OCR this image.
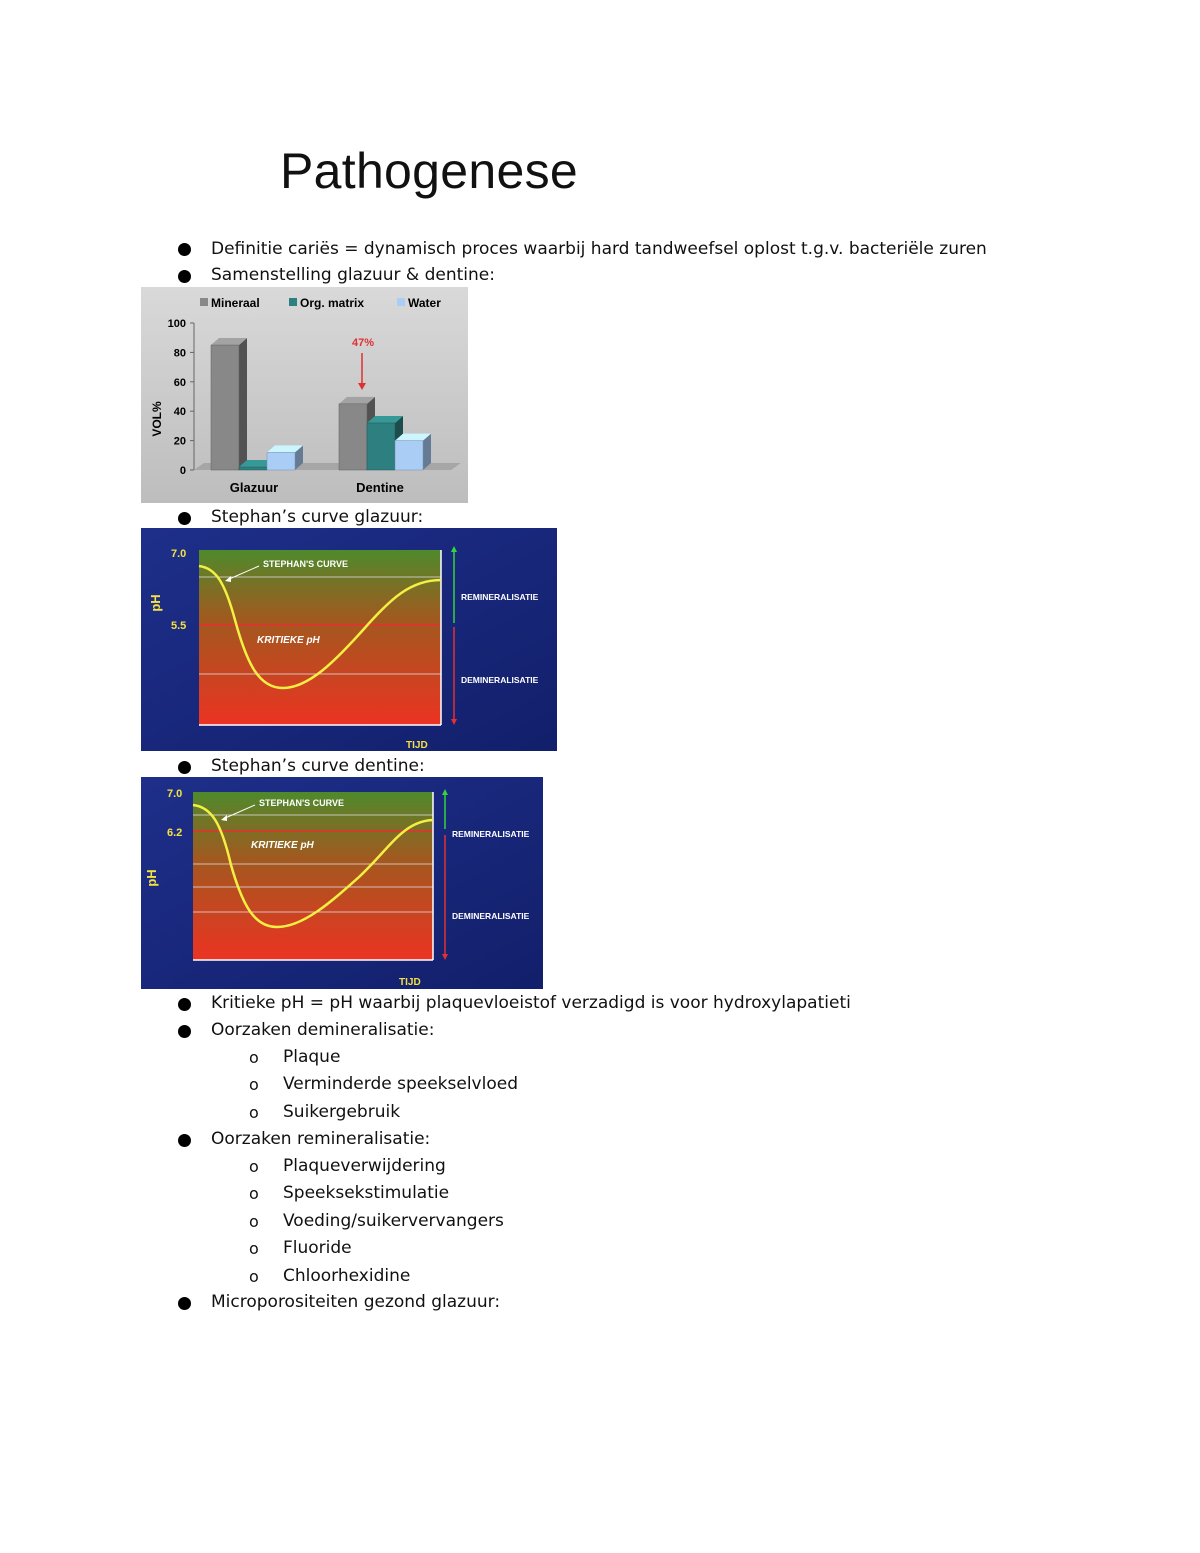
Pathogenese
Definitie cariës = dynamisch proces waarbij hard tandweefsel oplost t.g.v. bacteriële zuren
Samenstelling glazuur & dentine:
Mineraal	Org. matrix	Water
0
20
40
60
80
100
VOL%
Glazuur	Dentine
47%
Stephan’s curve glazuur:
STEPHAN'S CURVE
KRITIEKE pH
7.0
5.5
pH
TIJD
REMINERALISATIE
DEMINERALISATIE
Stephan’s curve dentine:
STEPHAN'S CURVE
KRITIEKE pH
7.0
6.2
pH
TIJD
REMINERALISATIE
DEMINERALISATIE
Kritieke pH = pH waarbij plaquevloeistof verzadigd is voor hydroxylapatieti
Oorzaken demineralisatie:
o Plaque
o Verminderde speekselvloed
o Suikergebruik
Oorzaken remineralisatie:
o Plaqueverwijdering
o Speeksekstimulatie
o Voeding/suikervervangers
o Fluoride
o Chloorhexidine
Microporositeiten gezond glazuur:
